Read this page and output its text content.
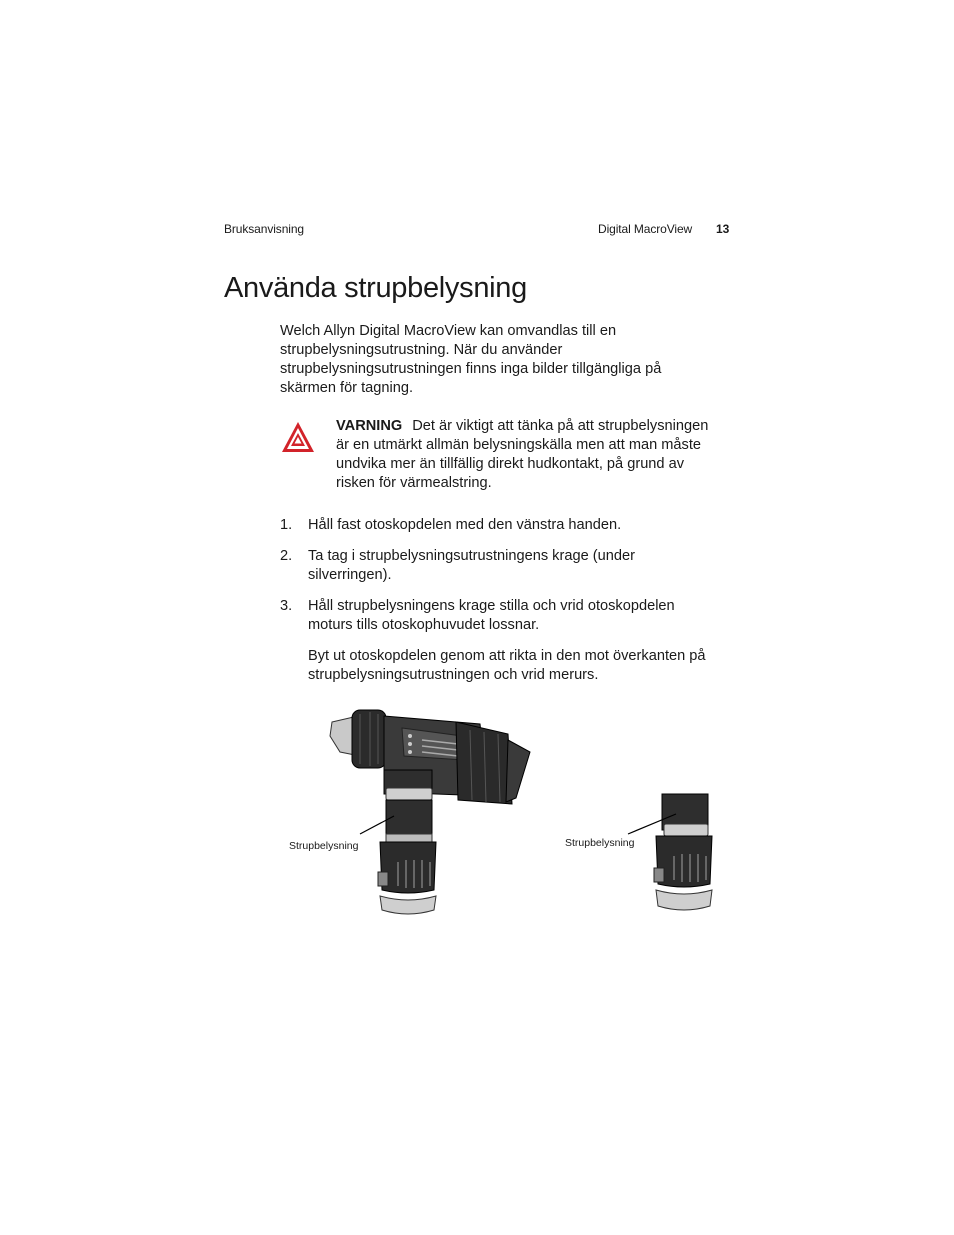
Bruksanvisning	Digital MacroView 13
Använda strupbelysning
Welch Allyn Digital MacroView kan omvandlas till en strupbelysningsutrustning. När du använder strupbelysningsutrustningen finns inga bilder tillgängliga på skärmen för tagning.
VARNING Det är viktigt att tänka på att strupbelysningen är en utmärkt allmän belysningskälla men att man måste undvika mer än tillfällig direkt hudkontakt, på grund av risken för värmealstring.
1. Håll fast otoskopdelen med den vänstra handen.
2. Ta tag i strupbelysningsutrustningens krage (under silverringen).
3. Håll strupbelysningens krage stilla och vrid otoskopdelen moturs tills otoskophuvudet lossnar.
Byt ut otoskopdelen genom att rikta in den mot överkanten på strupbelysningsutrustningen och vrid merurs.
Strupbelysning	Strupbelysning
